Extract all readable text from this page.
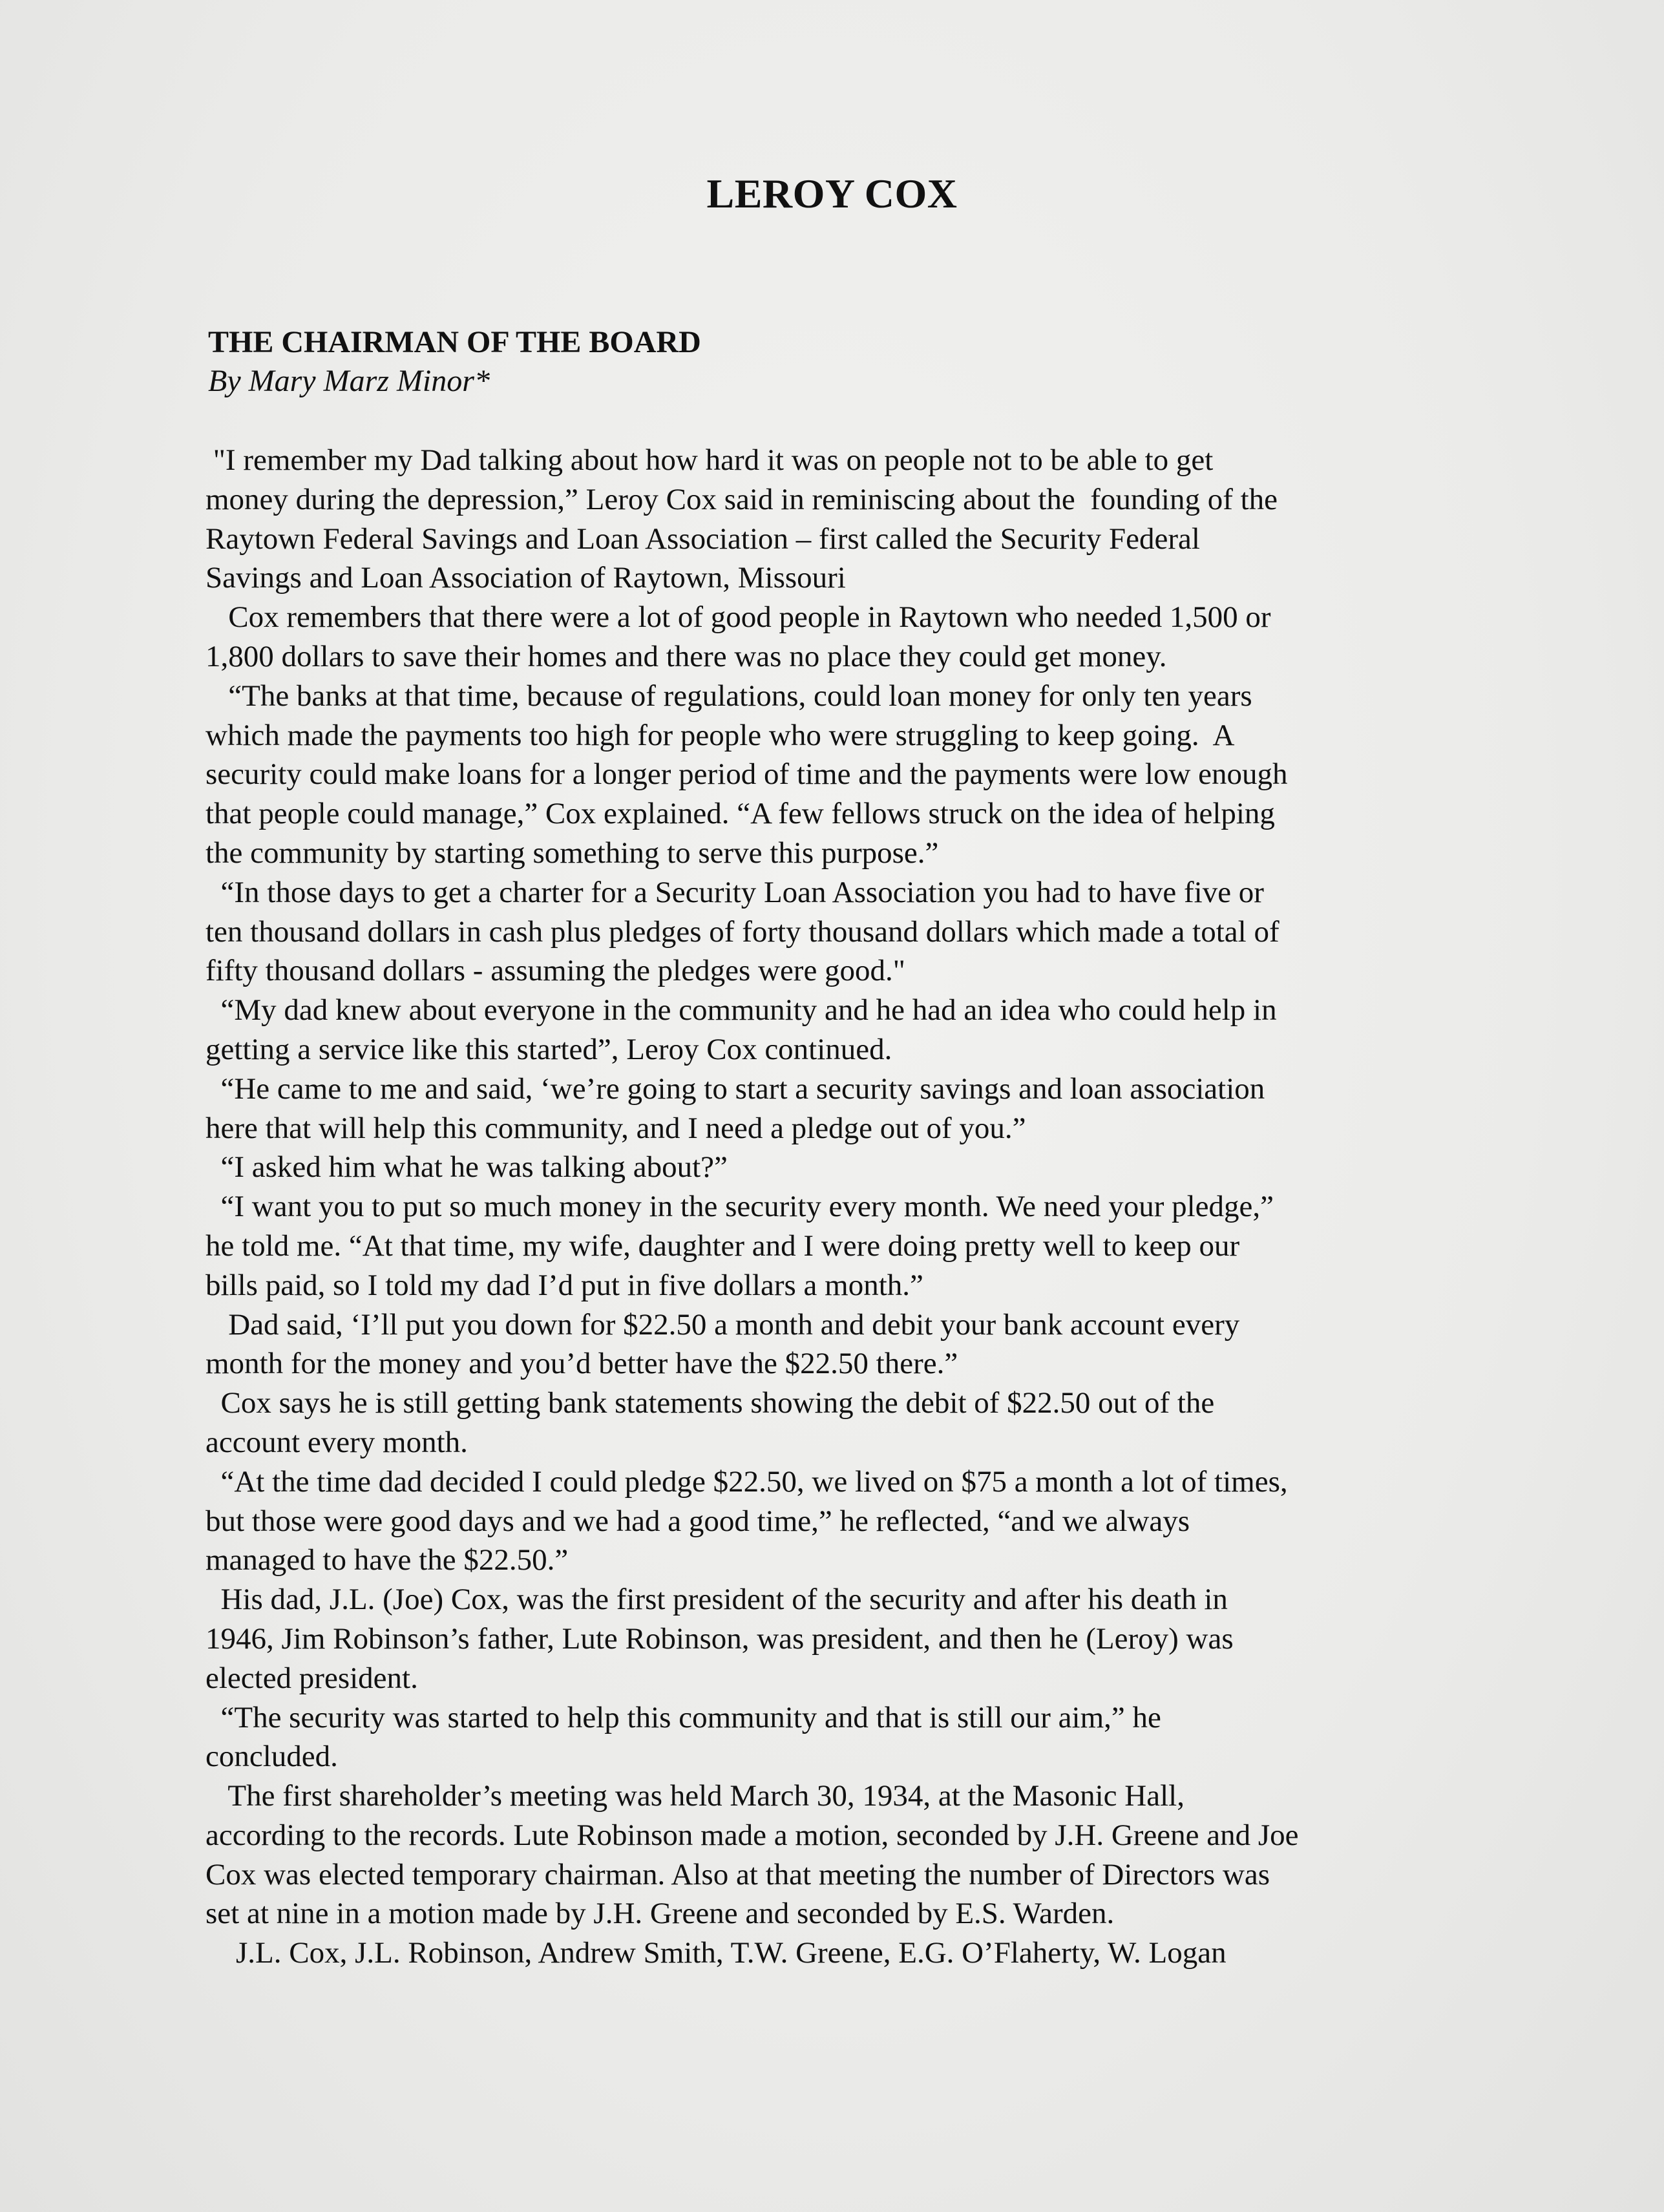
LEROY COX
THE CHAIRMAN OF THE BOARD

By Mary Marz Minor*

"I remember my Dad talking about how hard it was on people not to be able to get
money during the depression,” Leroy Cox said in reminiscing about the  founding of the
Raytown Federal Savings and Loan Association – first called the Security Federal
Savings and Loan Association of Raytown, Missouri
Cox remembers that there were a lot of good people in Raytown who needed 1,500 or
1,800 dollars to save their homes and there was no place they could get money.
“The banks at that time, because of regulations, could loan money for only ten years
which made the payments too high for people who were struggling to keep going.  A
security could make loans for a longer period of time and the payments were low enough
that people could manage,” Cox explained. “A few fellows struck on the idea of helping
the community by starting something to serve this purpose.”
“In those days to get a charter for a Security Loan Association you had to have five or
ten thousand dollars in cash plus pledges of forty thousand dollars which made a total of
fifty thousand dollars - assuming the pledges were good."
“My dad knew about everyone in the community and he had an idea who could help in
getting a service like this started”, Leroy Cox continued.
“He came to me and said, ‘we’re going to start a security savings and loan association
here that will help this community, and I need a pledge out of you.”
“I asked him what he was talking about?”
“I want you to put so much money in the security every month. We need your pledge,”
he told me. “At that time, my wife, daughter and I were doing pretty well to keep our
bills paid, so I told my dad I’d put in five dollars a month.”
Dad said, ‘I’ll put you down for $22.50 a month and debit your bank account every
month for the money and you’d better have the $22.50 there.”
Cox says he is still getting bank statements showing the debit of $22.50 out of the
account every month.
“At the time dad decided I could pledge $22.50, we lived on $75 a month a lot of times,
but those were good days and we had a good time,” he reflected, “and we always
managed to have the $22.50.”
His dad, J.L. (Joe) Cox, was the first president of the security and after his death in
1946, Jim Robinson’s father, Lute Robinson, was president, and then he (Leroy) was
elected president.
“The security was started to help this community and that is still our aim,” he
concluded.
The first shareholder’s meeting was held March 30, 1934, at the Masonic Hall,
according to the records. Lute Robinson made a motion, seconded by J.H. Greene and Joe
Cox was elected temporary chairman. Also at that meeting the number of Directors was
set at nine in a motion made by J.H. Greene and seconded by E.S. Warden.
J.L. Cox, J.L. Robinson, Andrew Smith, T.W. Greene, E.G. O’Flaherty, W. Logan
